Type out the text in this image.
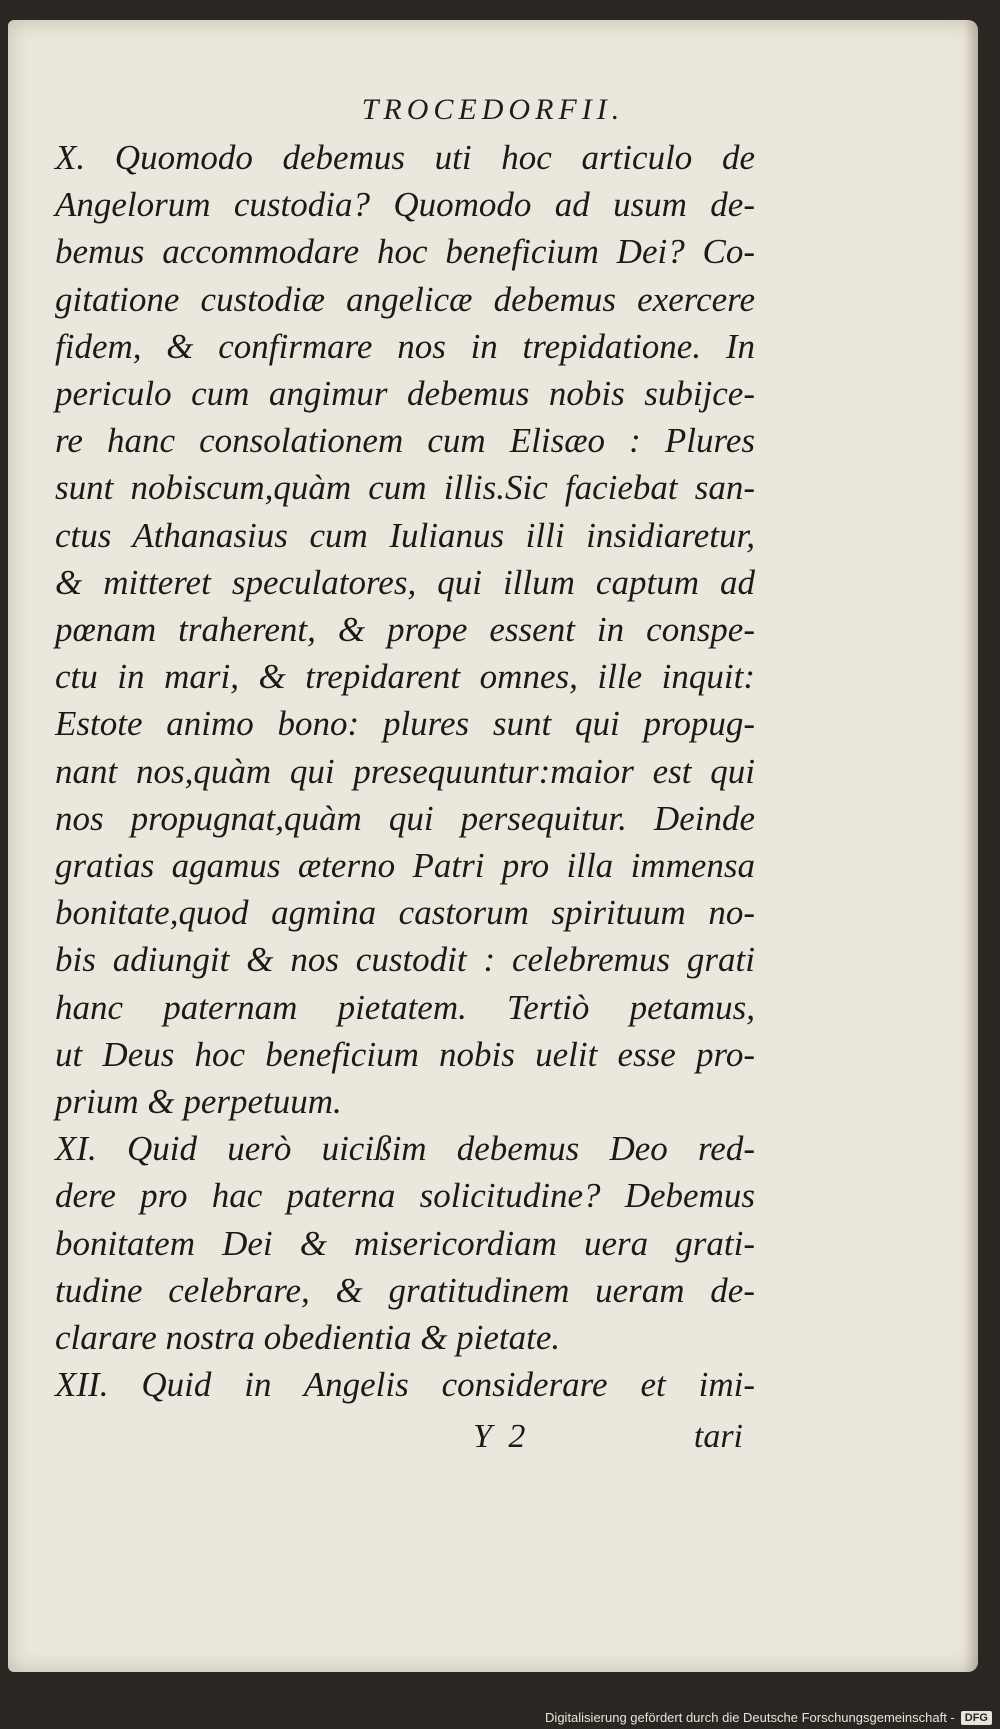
TROCEDORFII.
X. Quomodo debemus uti hoc articulo de
Angelorum custodia? Quomodo ad usum de-
bemus accommodare hoc beneficium Dei? Co-
gitatione custodiæ angelicæ debemus exercere
fidem, & confirmare nos in trepidatione. In
periculo cum angimur debemus nobis subijce-
re hanc consolationem cum Elisæo : Plures
sunt nobiscum,quàm cum illis.Sic faciebat san-
ctus Athanasius cum Iulianus illi insidiaretur,
& mitteret speculatores, qui illum captum ad
pœnam traherent, & prope essent in conspe-
ctu in mari, & trepidarent omnes, ille inquit:
Estote animo bono: plures sunt qui propug-
nant nos,quàm qui presequuntur:maior est qui
nos propugnat,quàm qui persequitur. Deinde
gratias agamus æterno Patri pro illa immensa
bonitate,quod agmina castorum spirituum no-
bis adiungit & nos custodit : celebremus grati
hanc paternam pietatem. Tertiò petamus,
ut Deus hoc beneficium nobis uelit esse pro-
prium & perpetuum.
XI. Quid uerò uicißim debemus Deo red-
dere pro hac paterna solicitudine? Debemus
bonitatem Dei & misericordiam uera grati-
tudine celebrare, & gratitudinem ueram de-
clarare nostra obedientia & pietate.
XII. Quid in Angelis considerare et imi-
Y 2	tari
Digitalisierung gefördert durch die Deutsche Forschungsgemeinschaft - DFG
